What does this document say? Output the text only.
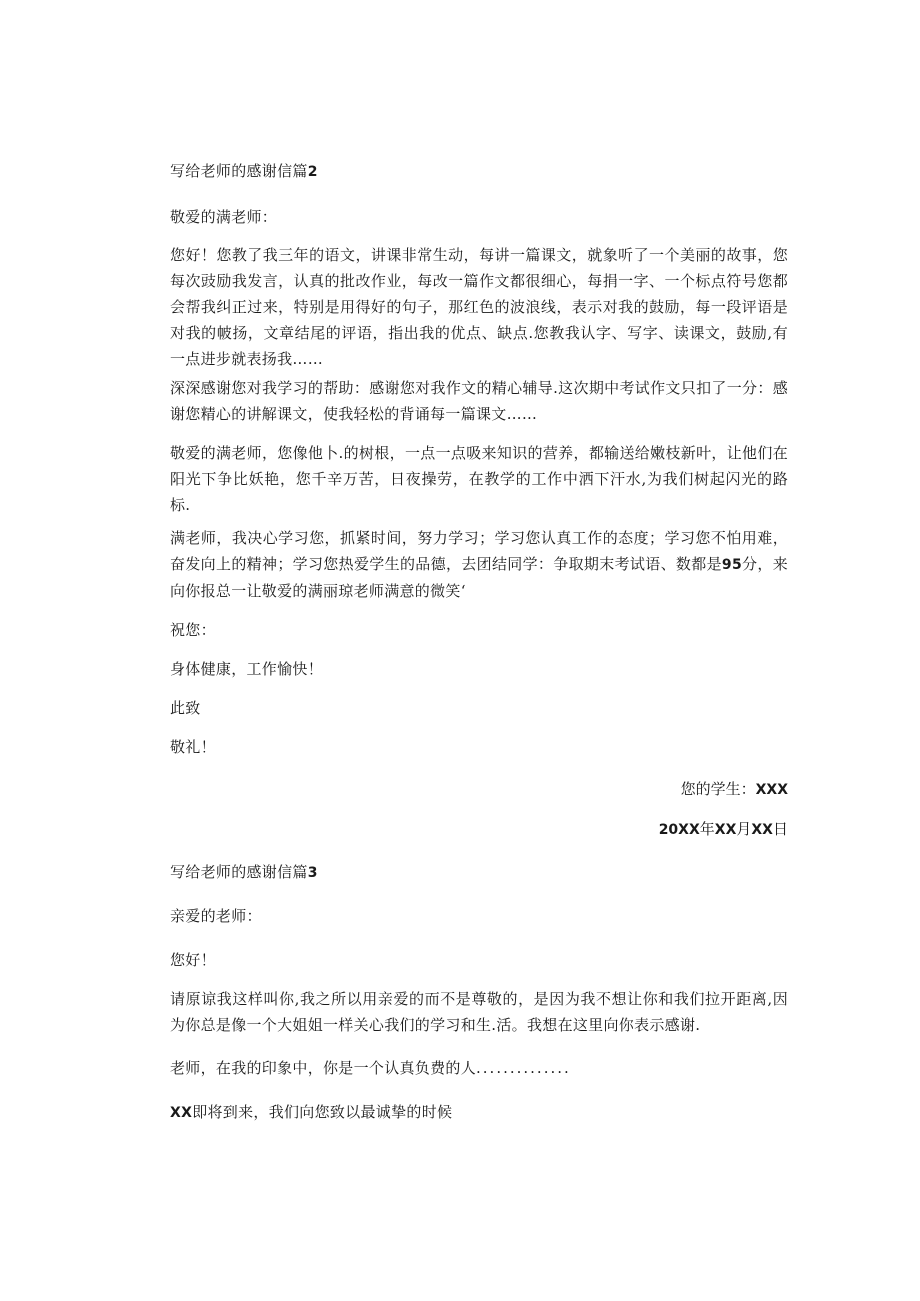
写给老师的感谢信篇2
敬爱的满老师：
您好！您教了我三年的语文，讲课非常生动，每讲一篇课文，就象听了一个美丽的故事，您每次豉励我发言，认真的批改作业，每改一篇作文都很细心，每捐一字、一个标点符号您都会帮我纠正过来，特别是用得好的句子，那红色的波浪线，表示对我的鼓励，每一段评语是对我的帔扬，文章结尾的评语，指出我的优点、缺点.您教我认字、写字、读课文，鼓励,有一点进步就表扬我……
深深感谢您对我学习的帮助：感谢您对我作文的精心辅导.这次期中考试作文只扣了一分：感谢您精心的讲解课文，使我轻松的背诵每一篇课文……
敬爱的满老师，您像他卜.的树根，一点一点吸来知识的营养，都输送给嫩枝新叶，让他们在阳光下争比妖艳，您千辛万苦，日夜操劳，在教学的工作中洒下汗水,为我们树起闪光的路标.
满老师，我决心学习您，抓紧时间，努力学习；学习您认真工作的态度；学习您不怕用难，奋发向上的精神；学习您热爱学生的品德，去团结同学：争取期末考试语、数都是95分，来向你报总一让敬爱的满丽琼老师满意的微笑‘
祝您：
身体健康，工作愉快！
此致
敬礼！
您的学生：XXX
20XX年XX月XX日
写给老师的感谢信篇3
亲爱的老师：
您好！
请原谅我这样叫你,我之所以用亲爱的而不是尊敬的，是因为我不想让你和我们拉开距离,因为你总是像一个大姐姐一样关心我们的学习和生.活。我想在这里向你表示感谢.
老师，在我的印象中，你是一个认真负费的人..............
XX即将到来，我们向您致以最诚挚的时候
